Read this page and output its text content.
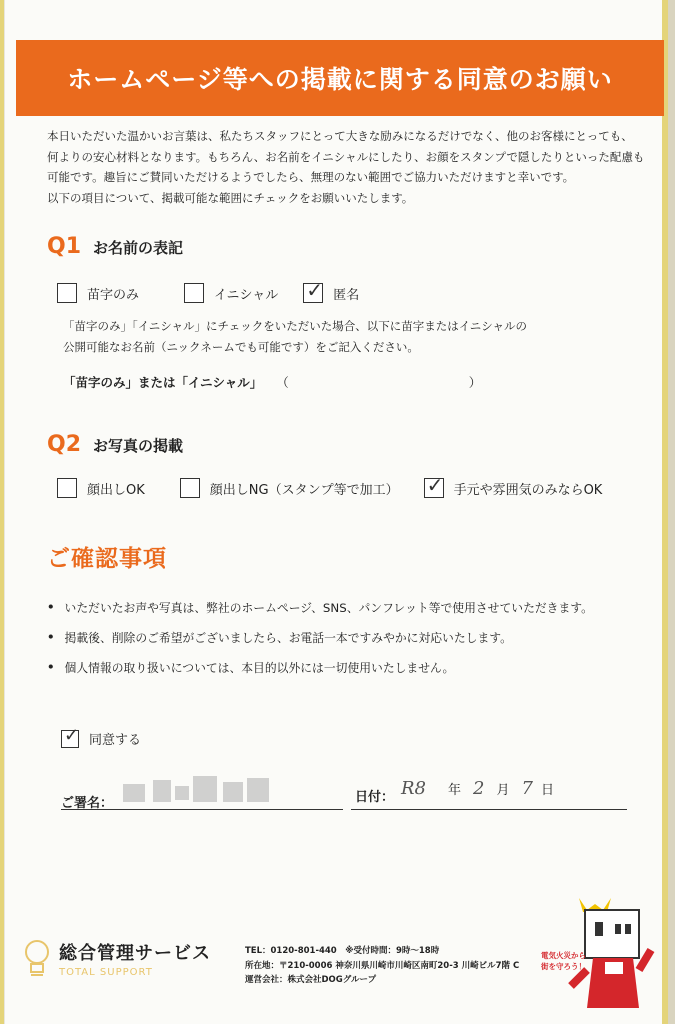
ホームページ等への掲載に関する同意のお願い

本日いただいた温かいお言葉は、私たちスタッフにとって大きな励みになるだけでなく、他のお客様にとっても、

何よりの安心材料となります。もちろん、お名前をイニシャルにしたり、お顔をスタンプで隠したりといった配慮も

可能です。趣旨にご賛同いただけるようでしたら、無理のない範囲でご協力いただけますと幸いです。

以下の項目について、掲載可能な範囲にチェックをお願いいたします。

Q1 お名前の表記
苗字のみ	イニシャル ✓ 匿名

「苗字のみ」「イニシャル」にチェックをいただいた場合、以下に苗字またはイニシャルの

公開可能なお名前（ニックネームでも可能です）をご記入ください。

「苗字のみ」または「イニシャル」 （	）
Q2 お写真の掲載
顔出しOK	顔出しNG（スタンプ等で加工） ✓ 手元や雰囲気のみならOK
ご確認事項
• いただいたお声や写真は、弊社のホームページ、SNS、パンフレット等で使用させていただきます。
• 掲載後、削除のご希望がございましたら、お電話一本ですみやかに対応いたします。
• 個人情報の取り扱いについては、本目的以外には一切使用いたしません。
✓ 同意する
ご署名：	日付： R8 年 2 月 7 日
総合管理サービス
TOTAL SUPPORT

TEL：0120-801-440　※受付時間：9時〜18時

所在地：〒210-0006 神奈川県川崎市川崎区南町20-3 川崎ビル7階 C

運営会社：株式会社DOGグループ

電気火災から
街を守ろう！
